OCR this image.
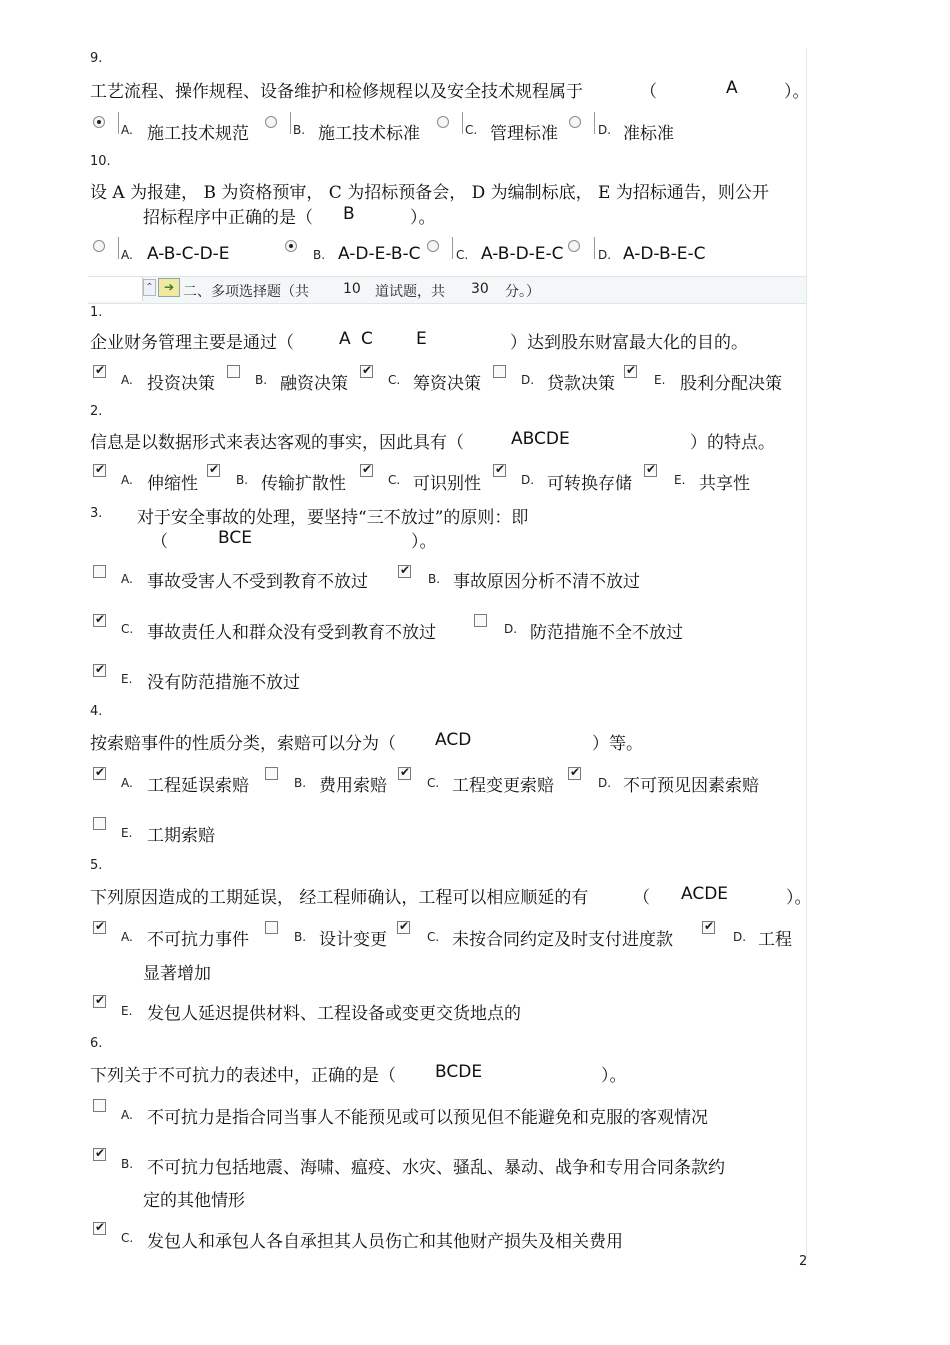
9.
工艺流程、操作规程、设备维护和检修规程以及安全技术规程属于	（	A	）。
A. 施工技术规范	B. 施工技术标准	C. 管理标准	D. 准标准
10.
设 A 为报建， B 为资格预审， C 为招标预备会， D 为编制标底， E 为招标通告，则公开
招标程序中正确的是（ B	）。
A. A-B-C-D-E	B. A-D-E-B-C	C. A-B-D-E-C	D. A-D-B-E-C
⌃ ➔ 二、多项选择题（共 10 道试题，共 30 分。）
1.
企业财务管理主要是通过（	A C	E	）达到股东财富最大化的目的。
✔
A. 投资决策	B. 融资决策
✔	C. 筹资决策	D. 贷款决策
✔	E. 股利分配决策
2.
信息是以数据形式来表达客观的事实，因此具有（	ABCDE	）的特点。
✔
A. 伸缩性
✔	B. 传输扩散性
✔	C. 可识别性
✔	D. 可转换存储
✔	E. 共享性
3. 对于安全事故的处理，要坚持“三不放过”的原则：即
（	BCE	）。
A. 事故受害人不受到教育不放过
✔	B. 事故原因分析不清不放过
✔
C. 事故责任人和群众没有受到教育不放过	D. 防范措施不全不放过
✔
E. 没有防范措施不放过
4.
按索赔事件的性质分类，索赔可以分为（ ACD	）等。
✔
A. 工程延误索赔	B. 费用索赔
✔	C. 工程变更索赔
✔	D. 不可预见因素索赔
E. 工期索赔
5.
下列原因造成的工期延误， 经工程师确认，工程可以相应顺延的有	（ ACDE	）。
✔
A. 不可抗力事件	B. 设计变更
✔	C. 未按合同约定及时支付进度款
✔	D. 工程
显著增加
✔
E. 发包人延迟提供材料、工程设备或变更交货地点的
6.
下列关于不可抗力的表述中，正确的是（ BCDE	）。
A. 不可抗力是指合同当事人不能预见或可以预见但不能避免和克服的客观情况
✔
B. 不可抗力包括地震、海啸、瘟疫、水灾、骚乱、暴动、战争和专用合同条款约
定的其他情形
✔
C. 发包人和承包人各自承担其人员伤亡和其他财产损失及相关费用
2
